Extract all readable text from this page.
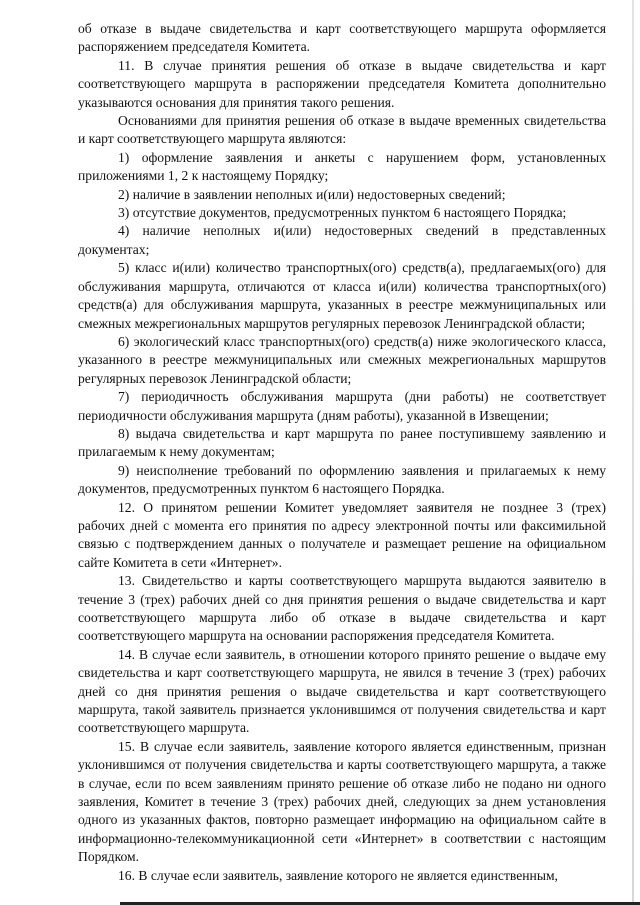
об отказе в выдаче свидетельства и карт соответствующего маршрута оформляется распоряжением председателя Комитета.

11. В случае принятия решения об отказе в выдаче свидетельства и карт соответствующего маршрута в распоряжении председателя Комитета дополнительно указываются основания для принятия такого решения.

Основаниями для принятия решения об отказе в выдаче временных свидетельства и карт соответствующего маршрута являются:

1) оформление заявления и анкеты с нарушением форм, установленных приложениями 1, 2 к настоящему Порядку;

2) наличие в заявлении неполных и(или) недостоверных сведений;

3) отсутствие документов, предусмотренных пунктом 6 настоящего Порядка;

4) наличие неполных и(или) недостоверных сведений в представленных документах;

5) класс и(или) количество транспортных(ого) средств(а), предлагаемых(ого) для обслуживания маршрута, отличаются от класса и(или) количества транспортных(ого) средств(а) для обслуживания маршрута, указанных в реестре межмуниципальных или смежных межрегиональных маршрутов регулярных перевозок Ленинградской области;

6) экологический класс транспортных(ого) средств(а) ниже экологического класса, указанного в реестре межмуниципальных или смежных межрегиональных маршрутов регулярных перевозок Ленинградской области;

7) периодичность обслуживания маршрута (дни работы) не соответствует периодичности обслуживания маршрута (дням работы), указанной в Извещении;

8) выдача свидетельства и карт маршрута по ранее поступившему заявлению и прилагаемым к нему документам;

9) неисполнение требований по оформлению заявления и прилагаемых к нему документов, предусмотренных пунктом 6 настоящего Порядка.

12. О принятом решении Комитет уведомляет заявителя не позднее 3 (трех) рабочих дней с момента его принятия по адресу электронной почты или факсимильной связью с подтверждением данных о получателе и размещает решение на официальном сайте Комитета в сети «Интернет».

13. Свидетельство и карты соответствующего маршрута выдаются заявителю в течение 3 (трех) рабочих дней со дня принятия решения о выдаче свидетельства и карт соответствующего маршрута либо об отказе в выдаче свидетельства и карт соответствующего маршрута на основании распоряжения председателя Комитета.

14. В случае если заявитель, в отношении которого принято решение о выдаче ему свидетельства и карт соответствующего маршрута, не явился в течение 3 (трех) рабочих дней со дня принятия решения о выдаче свидетельства и карт соответствующего маршрута, такой заявитель признается уклонившимся от получения свидетельства и карт соответствующего маршрута.

15. В случае если заявитель, заявление которого является единственным, признан уклонившимся от получения свидетельства и карты соответствующего маршрута, а также в случае, если по всем заявлениям принято решение об отказе либо не подано ни одного заявления, Комитет в течение 3 (трех) рабочих дней, следующих за днем установления одного из указанных фактов, повторно размещает информацию на официальном сайте в информационно-телекоммуникационной сети «Интернет» в соответствии с настоящим Порядком.

16. В случае если заявитель, заявление которого не является единственным,
